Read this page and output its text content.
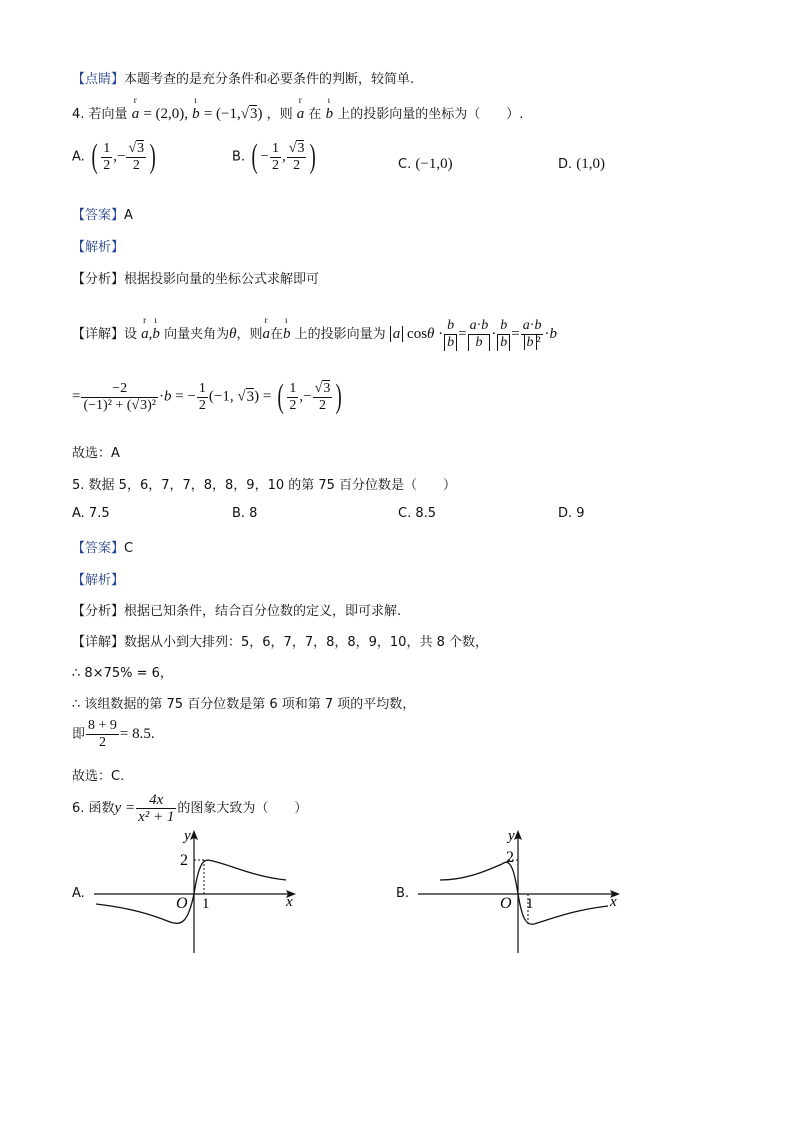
【点睛】本题考查的是充分条件和必要条件的判断，较简单.
4. 若向量 r a = (2,0), ı b = (−1,√3) ，则 r a 在 ı b 上的投影向量的坐标为（　　）.
A. ( $\frac{1}{2}$ ,− $\frac{√3}{2}$ )	B. ( − $\frac{1}{2}$ , $\frac{√3}{2}$ )	C. (−1,0)	D. (1,0)
【答案】A
【解析】
【分析】根据投影向量的坐标公式求解即可
【详解】设 r a,ı b 向量夹角为θ，则r a在ı b 上的投影向量为 a $\cos\theta \cdot \frac{b}{b} = \frac{a\cdot b}{b} \cdot \frac{b}{b} = \frac{a\cdot b}{\text{b ²}} \cdot b$
= $\frac{-2}{\text{(−1)² + (√3)²}} \cdot b$ = − $\frac{1}{2} (-1$, √3) = ( $\frac{1}{2}$ ,− $\frac{√3}{2}$ )
故选：A
5. 数据 5，6，7，7，8，8，9，10 的第 75 百分位数是（　　）
A. 7.5	B. 8	C. 8.5	D. 9
【答案】C
【解析】
【分析】根据已知条件，结合百分位数的定义，即可求解.
【详解】数据从小到大排列：5，6，7，7，8，8，9，10，共 8 个数，
∴ 8×75% = 6，
∴ 该组数据的第 75 百分位数是第 6 项和第 7 项的平均数，
即 $\frac{8 + 9}{2} = 8.5$.
故选：C.
6. 函数$y = \frac{4x}{\text{x² + 1}}$ 的图象大致为（　　）
A.
y
2
O 1	x
B.
y
2
O 1	x
